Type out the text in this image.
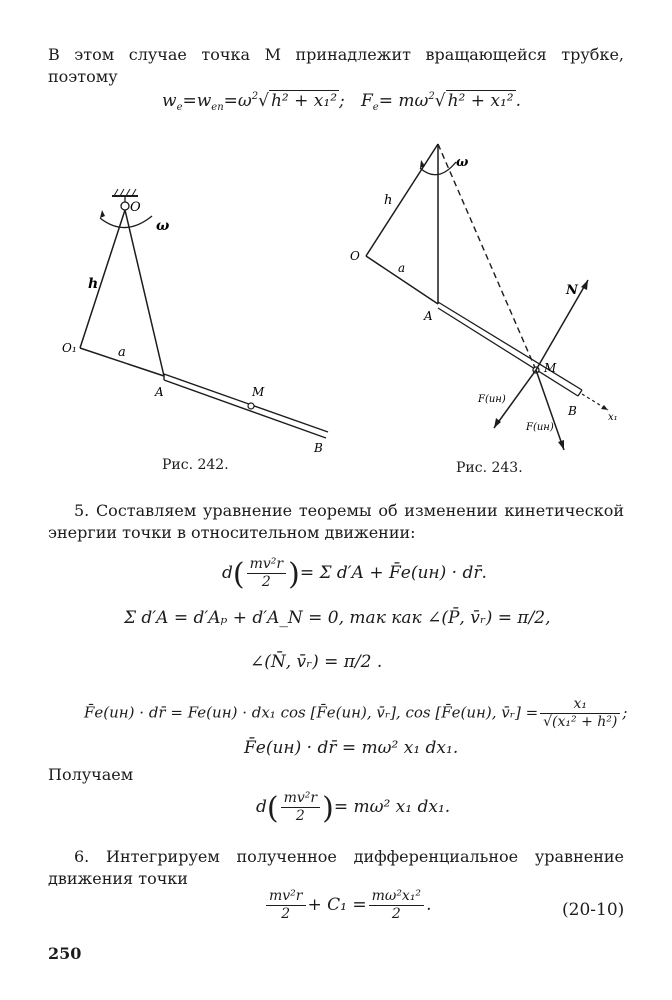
В этом случае точка M принадлежит вращающейся трубке, поэтому
$w_e=w_{en}=\omega^2√$ h² + x₁² ; $F_e= m\omega^2√$ h² + x₁² .
O
ω
h
O₁	a
A	M
B
Рис. 242.
ω
h
O
a
A
N
M
B	x₁
F(ин)
F(ин)
Рис. 243.
5. Составляем уравнение теоремы об изменении кинетической энергии точки в относительном движении:
$d( \frac{\text{mv²r}}{2}$ )= Σ d′A + F̄e(ин) · dr̄.
Σ d′A = d′Aₚ + d′A_N = 0, так как ∠(P̄, v̄ᵣ) = π/2,
∠(N̄, v̄ᵣ) = π/2 .
F̄e(ин) · dr̄ = Fe(ин) · dx₁ cos [F̄e(ин), v̄ᵣ], cos [F̄e(ин), v̄ᵣ] = $\frac{\text{x₁}}{\text{√(x₁² + h²)}}$ ;
F̄e(ин) · dr̄ = mω² x₁ dx₁.
Получаем
$d( \frac{\text{mv²r}}{2}$ )= mω² x₁ dx₁.
6. Интегрируем полученное дифференциальное уравнение движения точки
$\frac{\text{mv²r}}{2} + C_1 = \frac{\text{mω²x₁²}}{2}$ .	(20-10)
250
